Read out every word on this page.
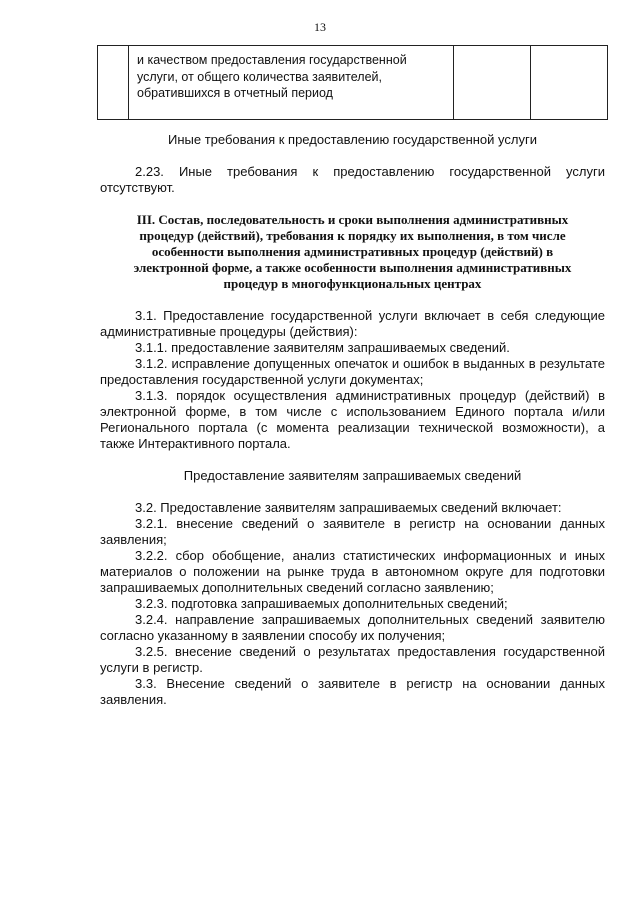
13
и качеством предоставления государственной услуги, от общего количества заявителей, обратившихся в отчетный период

Иные требования к предоставлению государственной услуги

2.23. Иные требования к предоставлению государственной услуги отсутствуют.

III. Состав, последовательность и сроки выполнения административных процедур (действий), требования к порядку их выполнения, в том числе особенности выполнения административных процедур (действий) в электронной форме, а также особенности выполнения административных процедур в многофункциональных центрах

3.1. Предоставление государственной услуги включает в себя следующие административные процедуры (действия):

3.1.1. предоставление заявителям запрашиваемых сведений.

3.1.2. исправление допущенных опечаток и ошибок в выданных в результате предоставления государственной услуги документах;

3.1.3. порядок осуществления административных процедур (действий) в электронной форме, в том числе с использованием Единого портала и/или Регионального портала (с момента реализации технической возможности), а также Интерактивного портала.

Предоставление заявителям запрашиваемых сведений

3.2. Предоставление заявителям запрашиваемых сведений включает:

3.2.1. внесение сведений о заявителе в регистр на основании данных заявления;

3.2.2. сбор обобщение, анализ статистических информационных и иных материалов о положении на рынке труда в автономном округе для подготовки запрашиваемых дополнительных сведений согласно заявлению;

3.2.3. подготовка запрашиваемых дополнительных сведений;

3.2.4. направление запрашиваемых дополнительных сведений заявителю согласно указанному в заявлении способу их получения;

3.2.5. внесение сведений о результатах предоставления государственной услуги в регистр.

3.3. Внесение сведений о заявителе в регистр на основании данных заявления.
